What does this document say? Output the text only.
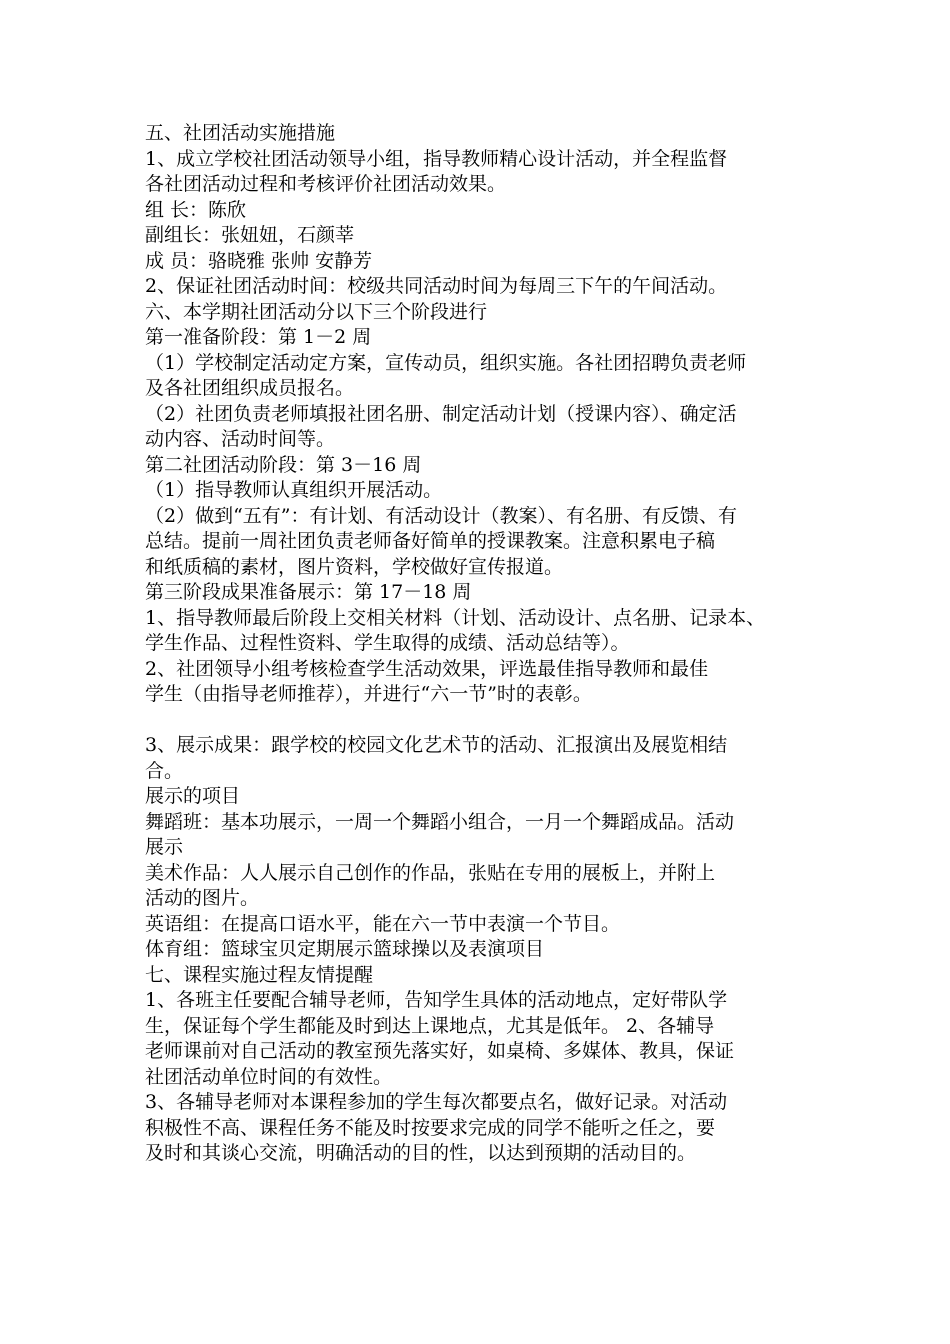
五、社团活动实施措施
1、成立学校社团活动领导小组，指导教师精心设计活动，并全程监督
各社团活动过程和考核评价社团活动效果。
组 长：陈欣
副组长：张妞妞，石颜莘
成 员：骆晓雅 张帅 安静芳
2、保证社团活动时间：校级共同活动时间为每周三下午的午间活动。
六、本学期社团活动分以下三个阶段进行
第一准备阶段：第 1－2 周
（1）学校制定活动定方案，宣传动员，组织实施。各社团招聘负责老师
及各社团组织成员报名。
（2）社团负责老师填报社团名册、制定活动计划（授课内容）、确定活
动内容、活动时间等。
第二社团活动阶段：第 3－16 周
（1）指导教师认真组织开展活动。
（2）做到“五有”：有计划、有活动设计（教案）、有名册、有反馈、有
总结。提前一周社团负责老师备好简单的授课教案。注意积累电子稿
和纸质稿的素材，图片资料，学校做好宣传报道。
第三阶段成果准备展示：第 17－18 周
1、指导教师最后阶段上交相关材料（计划、活动设计、点名册、记录本、
学生作品、过程性资料、学生取得的成绩、活动总结等）。
2、社团领导小组考核检查学生活动效果，评选最佳指导教师和最佳
学生（由指导老师推荐），并进行“六一节”时的表彰。
3、展示成果：跟学校的校园文化艺术节的活动、汇报演出及展览相结
合。
展示的项目
舞蹈班：基本功展示，一周一个舞蹈小组合，一月一个舞蹈成品。活动
展示
美术作品：人人展示自己创作的作品，张贴在专用的展板上，并附上
活动的图片。
英语组：在提高口语水平，能在六一节中表演一个节目。
体育组：篮球宝贝定期展示篮球操以及表演项目
七、课程实施过程友情提醒
1、各班主任要配合辅导老师，告知学生具体的活动地点，定好带队学
生，保证每个学生都能及时到达上课地点，尤其是低年。 2、各辅导
老师课前对自己活动的教室预先落实好，如桌椅、多媒体、教具，保证
社团活动单位时间的有效性。
3、各辅导老师对本课程参加的学生每次都要点名，做好记录。对活动
积极性不高、课程任务不能及时按要求完成的同学不能听之任之，要
及时和其谈心交流，明确活动的目的性，以达到预期的活动目的。
